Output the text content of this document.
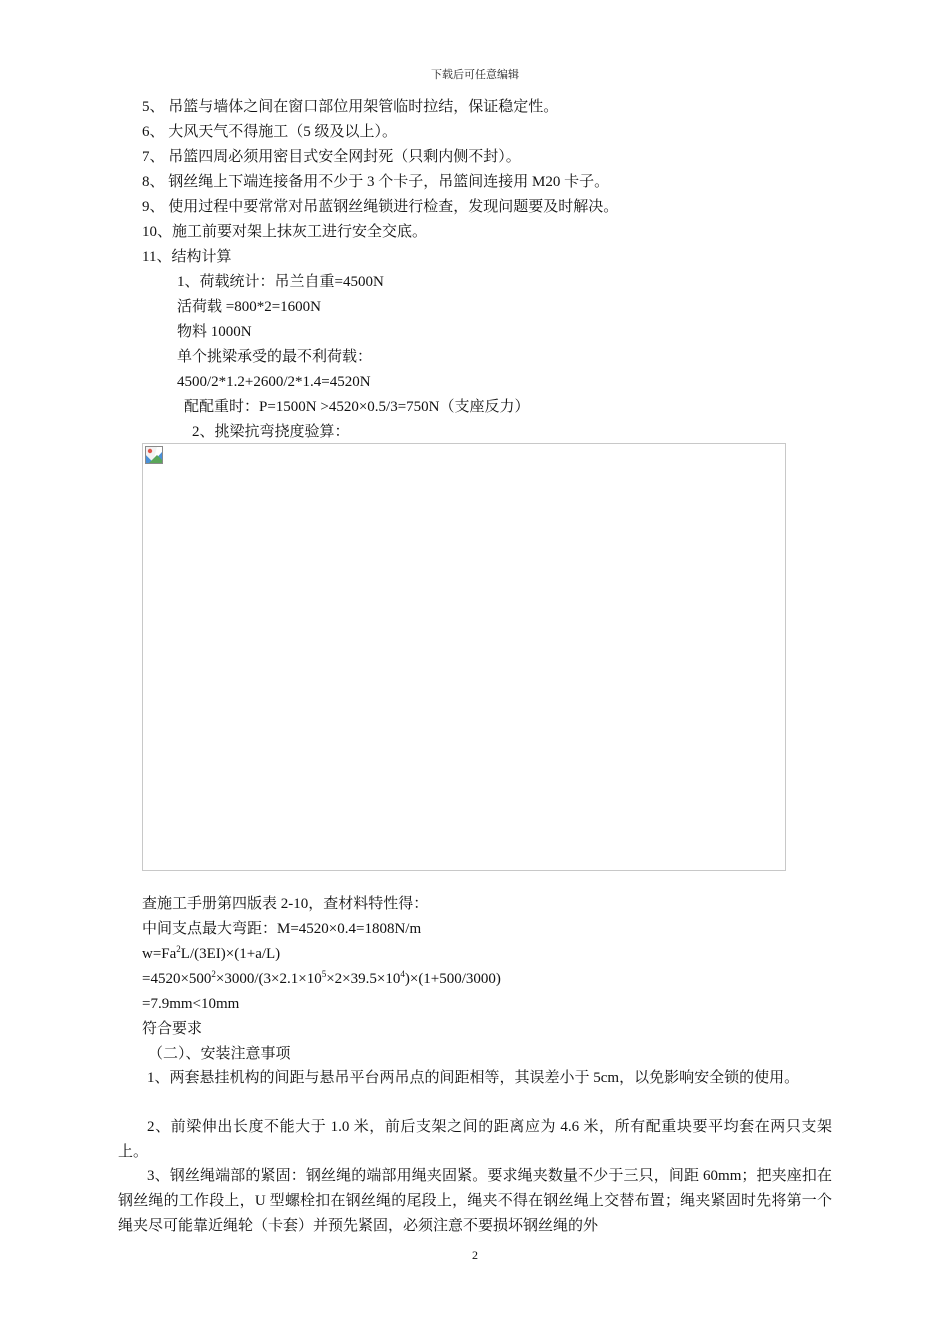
下载后可任意编辑
5、 吊篮与墙体之间在窗口部位用架管临时拉结，保证稳定性。
6、 大风天气不得施工（5 级及以上）。
7、 吊篮四周必须用密目式安全网封死（只剩内侧不封）。
8、 钢丝绳上下端连接备用不少于 3 个卡子，吊篮间连接用 M20 卡子。
9、 使用过程中要常常对吊蓝钢丝绳锁进行检查，发现问题要及时解决。
10、施工前要对架上抹灰工进行安全交底。
11、结构计算
1、荷载统计：吊兰自重=4500N
活荷载 =800*2=1600N
物料 1000N
单个挑梁承受的最不利荷载：
4500/2*1.2+2600/2*1.4=4520N
配配重时：P=1500N >4520×0.5/3=750N（支座反力）
2、挑梁抗弯挠度验算：
查施工手册第四版表 2-10，查材料特性得：
中间支点最大弯距：M=4520×0.4=1808N/m
$w=Fa^2L/(3EI)\times(1+a/L)$
$=4520\times 500^2\times 3000/(3\times 2.1\times 10^5\times 2\times 39.5\times 10^4)\times(1+500/3000)$
=7.9mm<10mm
符合要求
（二）、安装注意事项
1、两套悬挂机构的间距与悬吊平台两吊点的间距相等，其误差小于 5cm，以免影响安全锁的使用。
2、前梁伸出长度不能大于 1.0 米，前后支架之间的距离应为 4.6 米，所有配重块要平均套在两只支架上。
3、钢丝绳端部的紧固：钢丝绳的端部用绳夹固紧。要求绳夹数量不少于三只，间距 60mm；把夹座扣在钢丝绳的工作段上，U 型螺栓扣在钢丝绳的尾段上，绳夹不得在钢丝绳上交替布置；绳夹紧固时先将第一个绳夹尽可能靠近绳轮（卡套）并预先紧固，必须注意不要损坏钢丝绳的外
2
